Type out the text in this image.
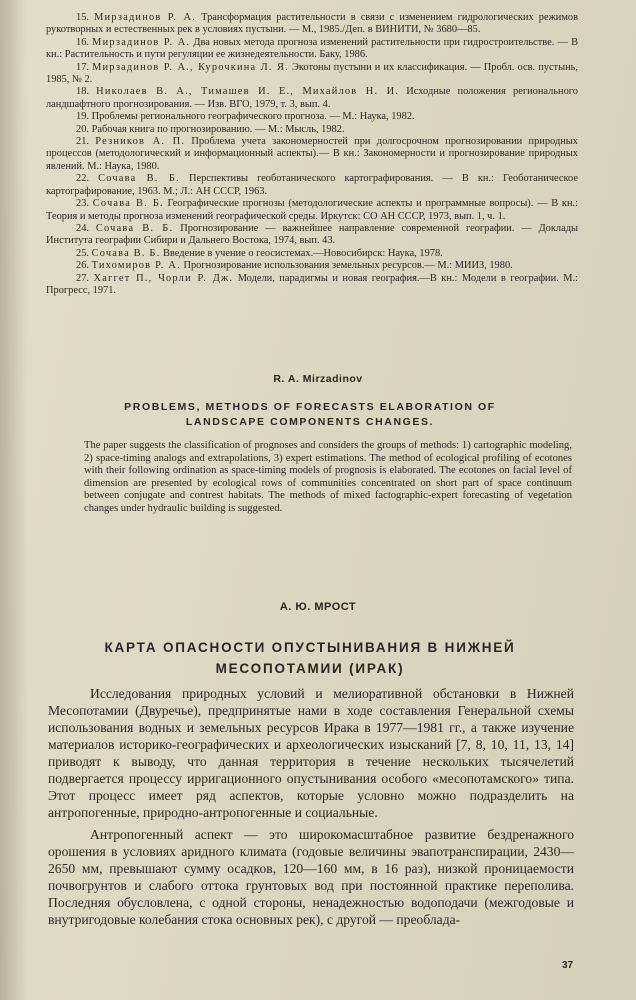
15. Мирзадинов Р. А. Трансформация растительности в связи с изменением гидрологических режимов рукотворных и естественных рек в условиях пустыни. — М., 1985./Деп. в ВИНИТИ, № 3680—85.

16. Мирзадинов Р. А. Два новых метода прогноза изменений растительности при гидростроительстве. — В кн.: Растительность и пути регуляции ее жизнедеятельности. Баку, 1986.

17. Мирзадинов Р. А., Курочкина Л. Я. Экотоны пустыни и их классификация. — Пробл. осв. пустынь, 1985, № 2.

18. Николаев В. А., Тимашев И. Е., Михайлов Н. И. Исходные положения регионального ландшафтного прогнозирования. — Изв. ВГО, 1979, т. 3, вып. 4.

19. Проблемы регионального географического прогноза. — М.: Наука, 1982.

20. Рабочая книга по прогнозированию. — М.: Мысль, 1982.

21. Резников А. П. Проблема учета закономерностей при долгосрочном прогнозировании природных процессов (методологический и информационный аспекты).— В кн.: Закономерности и прогнозирование природных явлений. М.: Наука, 1980.

22. Сочава В. Б. Перспективы геоботанического картографирования. — В кн.: Геоботаническое картографирование, 1963. М.; Л.: АН СССР, 1963.

23. Сочава В. Б. Географические прогнозы (методологические аспекты и программные вопросы). — В кн.: Теория и методы прогноза изменений географической среды. Иркутск: СО АН СССР, 1973, вып. 1, ч. 1.

24. Сочава В. Б. Прогнозирование — важнейшее направление современной географии. — Доклады Института географии Сибири и Дальнего Востока, 1974, вып. 43.

25. Сочава В. Б. Введение в учение о геосистемах.—Новосибирск: Наука, 1978.

26. Тихомиров Р. А. Прогнозирование использования земельных ресурсов.— М.: МИИЗ, 1980.

27. Хаггет П., Чорли Р. Дж. Модели, парадигмы и новая география.—В кн.: Модели в географии. М.: Прогресс, 1971.

R. A. Mirzadinov
PROBLEMS, METHODS OF FORECASTS ELABORATION OF
LANDSCAPE COMPONENTS CHANGES.
The paper suggests the classification of prognoses and considers the groups of methods: 1) cartographic modeling, 2) space-timing analogs and extrapolations, 3) expert estimations. The method of ecological profiling of ecotones with their following ordination as space-timing models of prognosis is elaborated. The ecotones on facial level of dimension are presented by ecological rows of communities concentrated on short part of space continuum between conjugate and contrest habitats. The methods of mixed factographic-expert forecasting of vegetation changes under hydraulic building is suggested.
А. Ю. МРОСТ
КАРТА ОПАСНОСТИ ОПУСТЫНИВАНИЯ В НИЖНЕЙ
МЕСОПОТАМИИ (ИРАК)

Исследования природных условий и мелиоративной обстановки в Нижней Месопотамии (Двуречье), предпринятые нами в ходе составления Генеральной схемы использования водных и земельных ресурсов Ирака в 1977—1981 гг., а также изучение материалов историко-географических и археологических изысканий [7, 8, 10, 11, 13, 14] приводят к выводу, что данная территория в течение нескольких тысячелетий подвергается процессу ирригационного опустынивания особого «месопотамского» типа. Этот процесс имеет ряд аспектов, которые условно можно подразделить на антропогенные, природно-антропогенные и социальные.

Антропогенный аспект — это широкомасштабное развитие бездренажного орошения в условиях аридного климата (годовые величины эвапотранспирации, 2430—2650 мм, превышают сумму осадков, 120—160 мм, в 16 раз), низкой проницаемости почвогрунтов и слабого оттока грунтовых вод при постоянной практике переполива. Последняя обусловлена, с одной стороны, ненадежностью водоподачи (межгодовые и внутригодовые колебания стока основных рек), с другой — преоблада-

37
